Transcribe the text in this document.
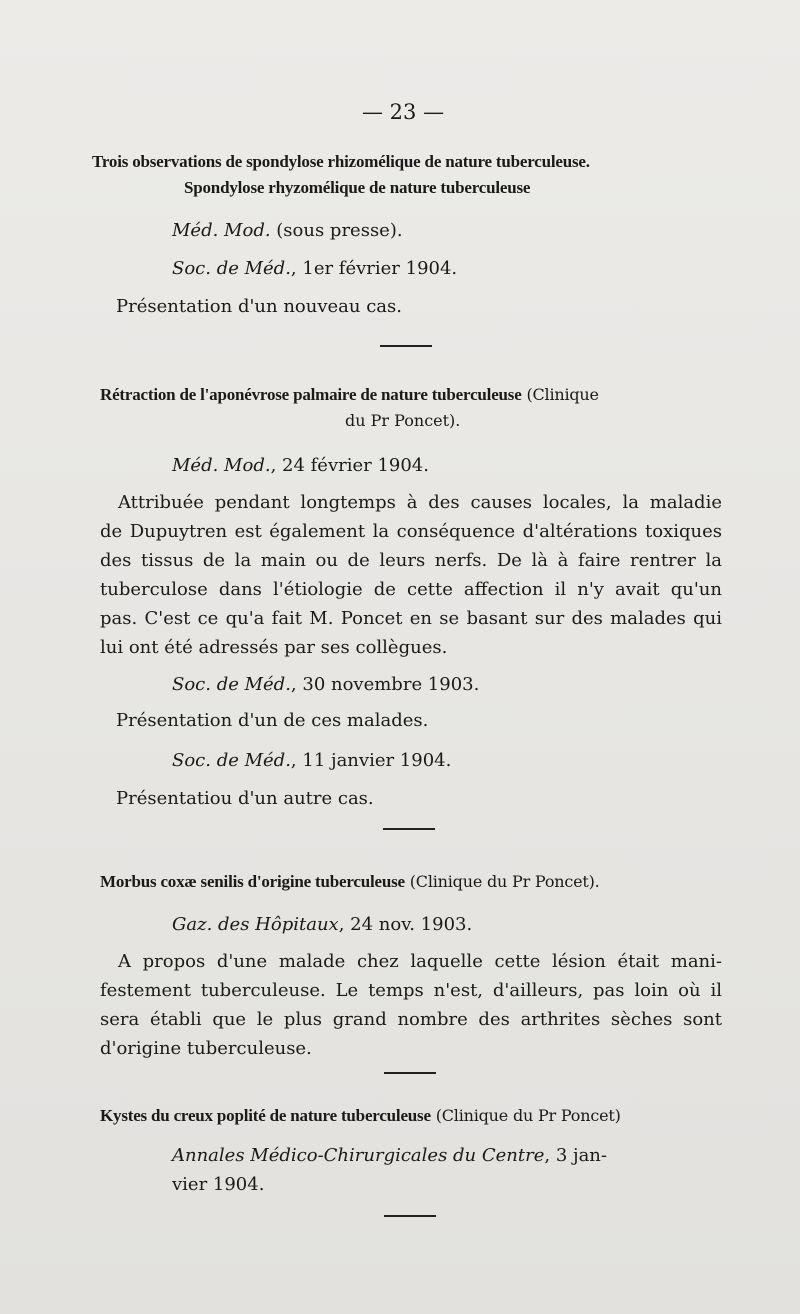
— 23 —
Trois observations de spondylose rhizomélique de nature tuberculeuse.
Spondylose rhyzomélique de nature tuberculeuse
Méd. Mod. (sous presse).
Soc. de Méd., 1er février 1904.
Présentation d'un nouveau cas.
Rétraction de l'aponévrose palmaire de nature tuberculeuse (Clinique
du Pr Poncet).
Méd. Mod., 24 février 1904.
Attribuée pendant longtemps à des causes locales, la maladie
de Dupuytren est également la conséquence d'altérations toxiques
des tissus de la main ou de leurs nerfs. De là à faire rentrer la
tuberculose dans l'étiologie de cette affection il n'y avait qu'un
pas. C'est ce qu'a fait M. Poncet en se basant sur des malades qui
lui ont été adressés par ses collègues.
Soc. de Méd., 30 novembre 1903.
Présentation d'un de ces malades.
Soc. de Méd., 11 janvier 1904.
Présentatiou d'un autre cas.
Morbus coxæ senilis d'origine tuberculeuse (Clinique du Pr Poncet).
Gaz. des Hôpitaux, 24 nov. 1903.
A propos d'une malade chez laquelle cette lésion était mani-
festement tuberculeuse. Le temps n'est, d'ailleurs, pas loin où il
sera établi que le plus grand nombre des arthrites sèches sont
d'origine tuberculeuse.
Kystes du creux poplité de nature tuberculeuse (Clinique du Pr Poncet)
Annales Médico-Chirurgicales du Centre, 3 jan-
vier 1904.
